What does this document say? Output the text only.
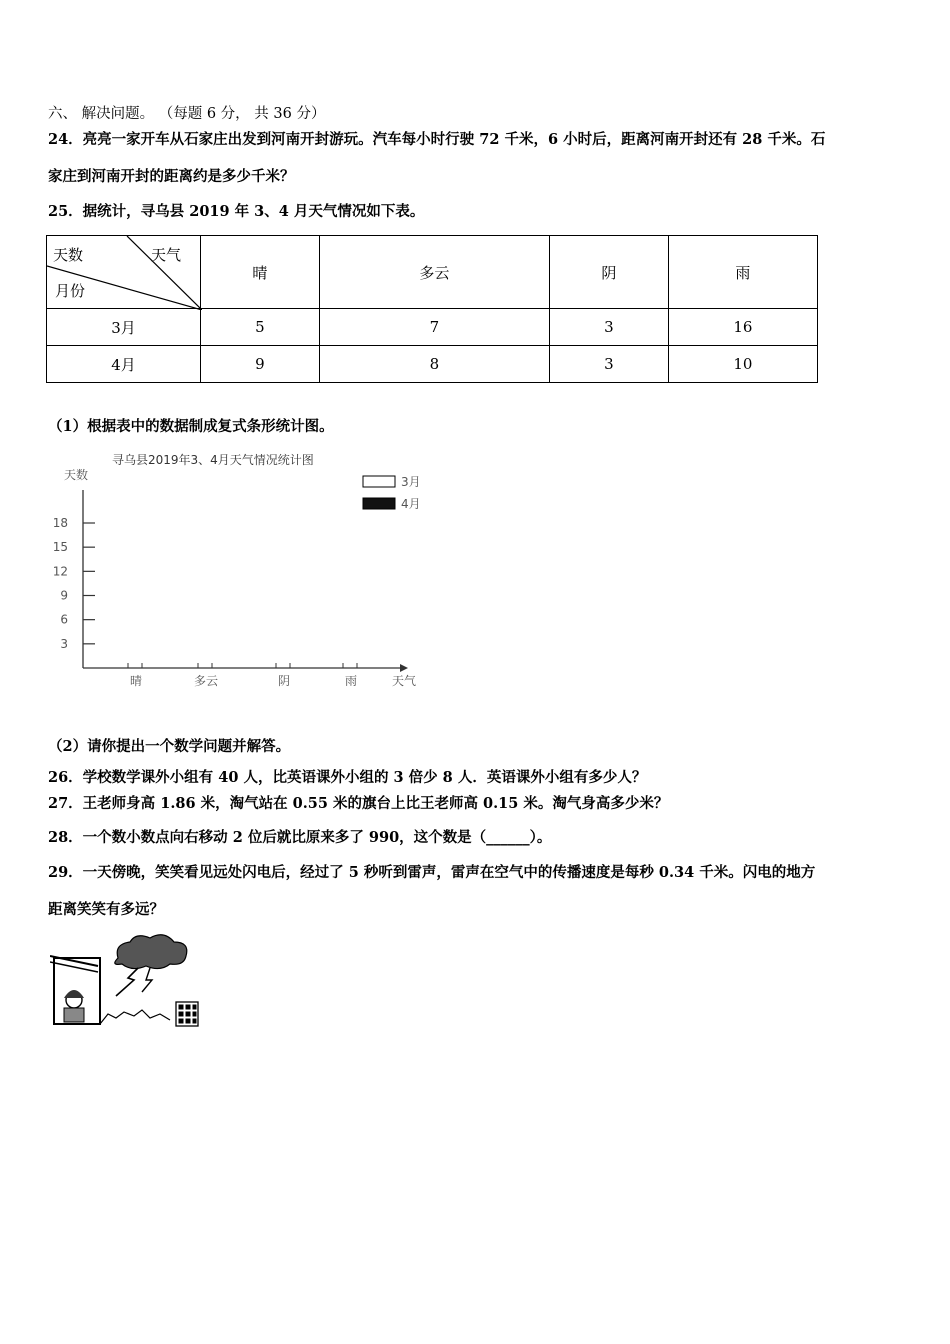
六、 解决问题。 （每题 6 分， 共 36 分）
24．亮亮一家开车从石家庄出发到河南开封游玩。汽车每小时行驶 72 千米，6 小时后，距离河南开封还有 28 千米。石
家庄到河南开封的距离约是多少千米？
25．据统计，寻乌县 2019 年 3、4 月天气情况如下表。
天数 天气
月份	晴	多云	阴	雨
3月	5	7	3	16
4月	9	8	3	10
（1）根据表中的数据制成复式条形统计图。
寻乌县2019年3、4月天气情况统计图
天数	3月
4月
天气
3
6
9
12
15
18
晴	多云	阴	雨
（2）请你提出一个数学问题并解答。
26．学校数学课外小组有 40 人，比英语课外小组的 3 倍少 8 人．英语课外小组有多少人？
27．王老师身高 1.86 米，淘气站在 0.55 米的旗台上比王老师高 0.15 米。淘气身高多少米？
28．一个数小数点向右移动 2 位后就比原来多了 990，这个数是（______）。
29．一天傍晚，笑笑看见远处闪电后，经过了 5 秒听到雷声，雷声在空气中的传播速度是每秒 0.34 千米。闪电的地方
距离笑笑有多远？
